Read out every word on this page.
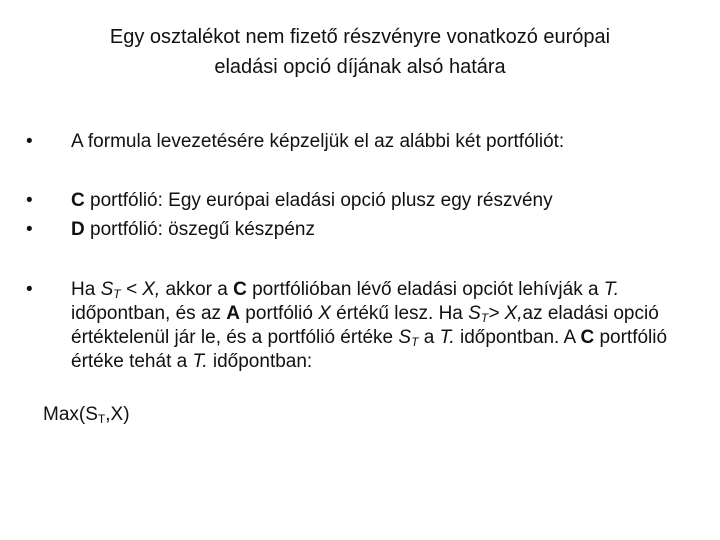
Egy osztalékot nem fizető részvényre vonatkozó európai
eladási opció díjának alsó határa
• A formula levezetésére képzeljük el az alábbi két portfóliót:
• C portfólió: Egy európai eladási opció plusz egy részvény
• D portfólió: öszegű készpénz
• Ha $S_T < X$, akkor a C portfólióban lévő eladási opciót lehívják a T. időpontban, és az A portfólió X értékű lesz. Ha $S_T> X,az$ eladási opció értéktelenül jár le, és a portfólió értéke $S_T$ a T. időpontban. A C portfólió értéke tehát a T. időpontban:
$Max(S_T,X)$
